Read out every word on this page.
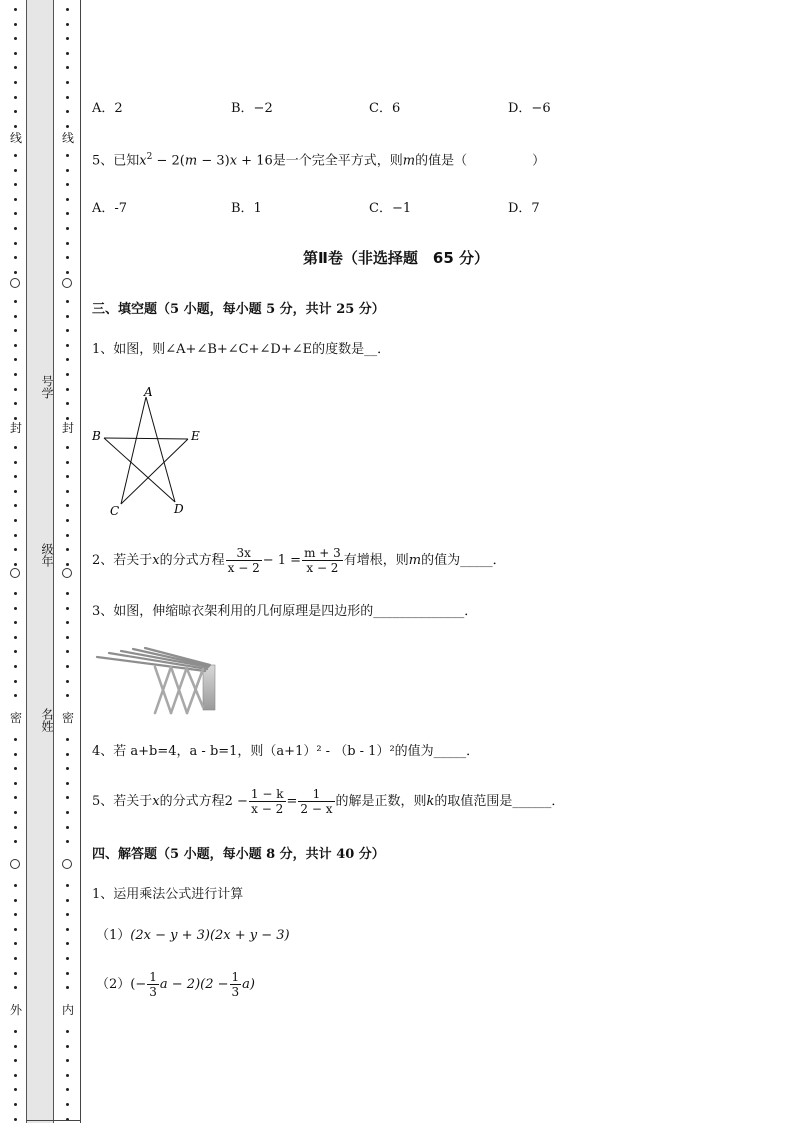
线
封
密
外
号学
级年
名姓
线
封
密
内
A．2	B．−2	C．6	D．−6
5、已知$x^2 - 2(m - 3)x + 16$是一个完全平方式，则m的值是（　　　　　）
A．-7	B．1	C．−1	D．7
第Ⅱ卷（非选择题　65 分）
三、填空题（5 小题，每小题 5 分，共计 25 分）
1、如图，则∠A+∠B+∠C+∠D+∠E的度数是__．
A
B	E
C	D
2、若关于x的分式方程 $\frac{3x}{x - 2} - 1 = \frac{m + 3}{x - 2}$ 有增根，则m的值为_____．
3、如图，伸缩晾衣架利用的几何原理是四边形的______________．
4、若 a+b=4，a - b=1，则（a+1）² - （b - 1）²的值为_____．
5、若关于x的分式方程$2 - \frac{1 - k}{x - 2} = \frac{1}{2 - x}$ 的解是正数，则k的取值范围是______．
四、解答题（5 小题，每小题 8 分，共计 40 分）
1、运用乘法公式进行计算
（1）(2x − y + 3)(2x + y − 3)
$(2)(- \frac{1}{3}$ $a - 2)(2 - \frac{1}{3} a)$
